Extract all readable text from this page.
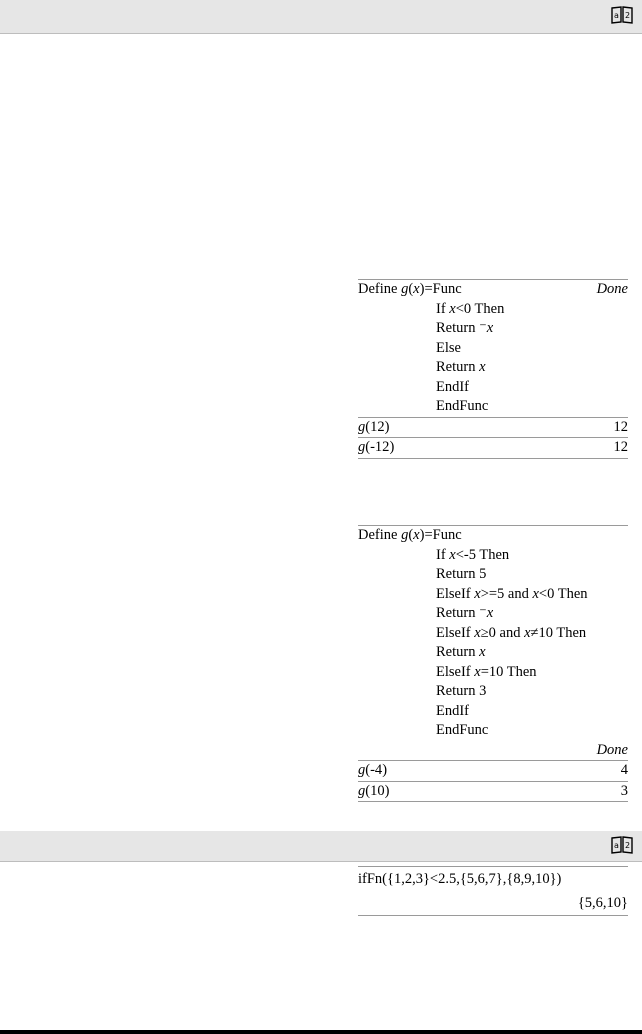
a 2
Define g(x)=Func	Done
If x<0 Then
Return ⁻x
Else
Return x
EndIf
EndFunc
g(12)	12
g(-12)	12
Define g(x)=Func
If x<-5 Then
Return 5
ElseIf x>=5 and x<0 Then
Return ⁻x
ElseIf x≥0 and x≠10 Then
Return x
ElseIf x=10 Then
Return 3
EndIf
EndFunc
Done
g(-4)	4
g(10)	3
a 2
ifFn({1,2,3}<2.5,{5,6,7},{8,9,10})
{5,6,10}
